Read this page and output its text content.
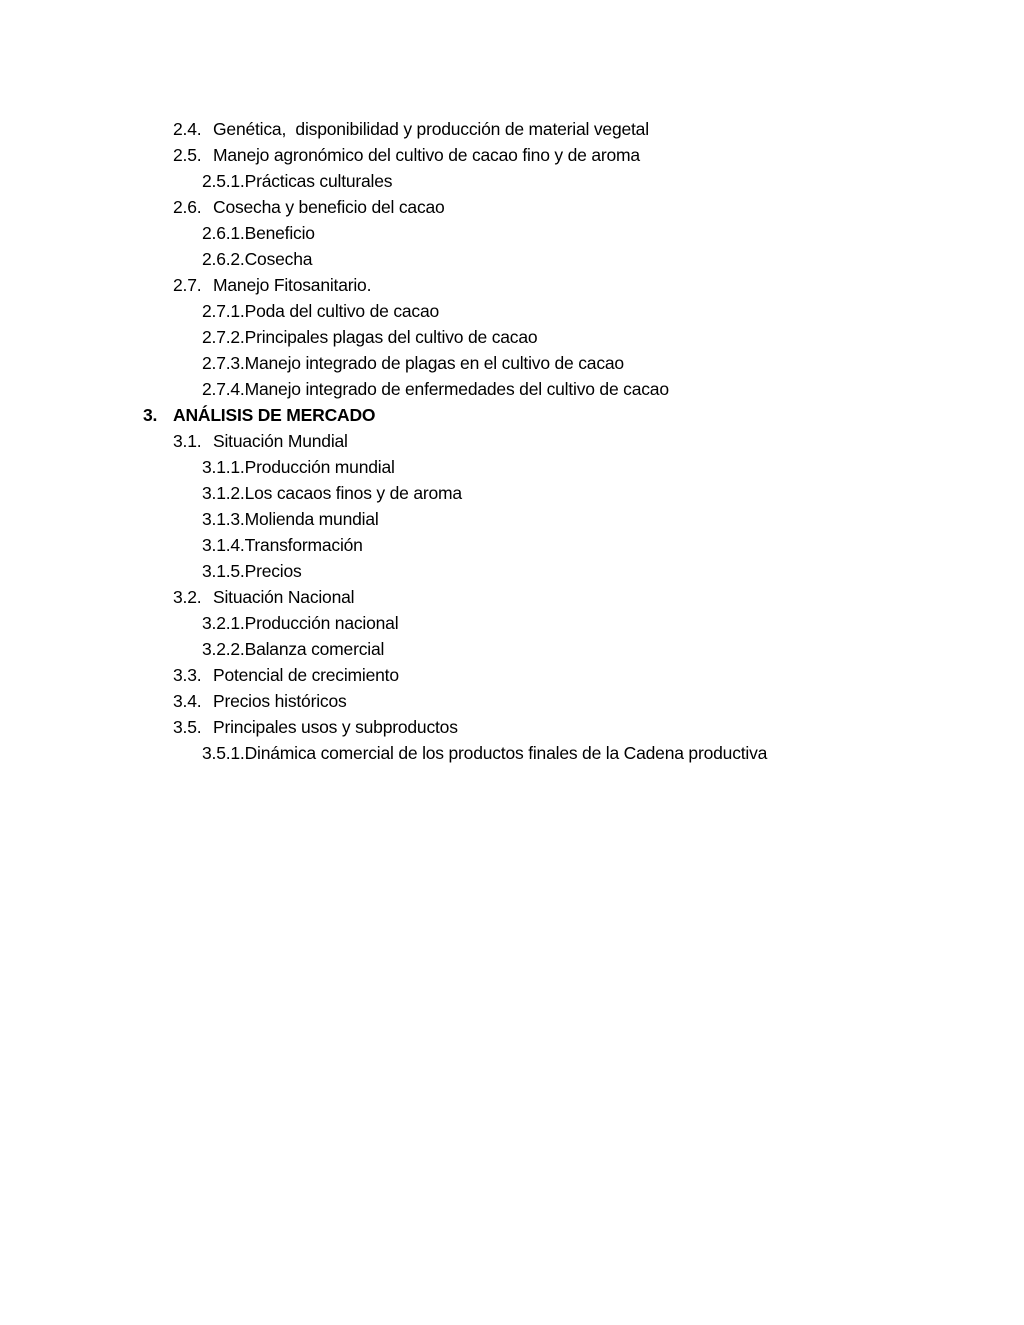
2.4. Genética,  disponibilidad y producción de material vegetal
2.5. Manejo agronómico del cultivo de cacao fino y de aroma
2.5.1.Prácticas culturales
2.6. Cosecha y beneficio del cacao
2.6.1.Beneficio
2.6.2.Cosecha
2.7. Manejo Fitosanitario.
2.7.1.Poda del cultivo de cacao
2.7.2.Principales plagas del cultivo de cacao
2.7.3.Manejo integrado de plagas en el cultivo de cacao
2.7.4.Manejo integrado de enfermedades del cultivo de cacao
3. ANÁLISIS DE MERCADO
3.1. Situación Mundial
3.1.1.Producción mundial
3.1.2.Los cacaos finos y de aroma
3.1.3.Molienda mundial
3.1.4.Transformación
3.1.5.Precios
3.2. Situación Nacional
3.2.1.Producción nacional
3.2.2.Balanza comercial
3.3. Potencial de crecimiento
3.4. Precios históricos
3.5. Principales usos y subproductos
3.5.1.Dinámica comercial de los productos finales de la Cadena productiva
